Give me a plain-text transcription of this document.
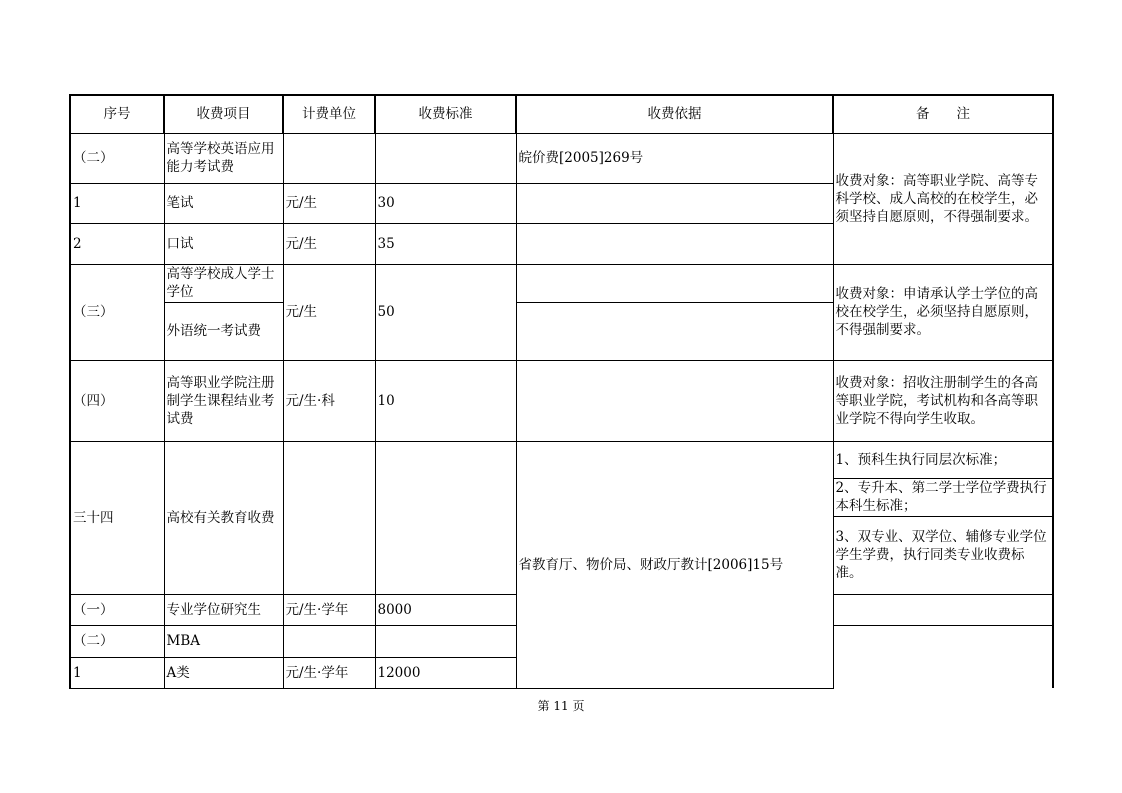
序号	收费项目	计费单位	收费标准	收费依据	备　　注
（二）	高等学校英语应用能力考试费			皖价费[2005]269号	收费对象：高等职业学院、高等专科学校、成人高校的在校学生，必须坚持自愿原则，不得强制要求。
1	笔试	元/生	30		
2	口试	元/生	35		
（三）	高等学校成人学士学位	元/生	50		收费对象：申请承认学士学位的高校在校学生，必须坚持自愿原则，不得强制要求。
	外语统一考试费				
（四）	高等职业学院注册制学生课程结业考试费	元/生·科	10		收费对象：招收注册制学生的各高等职业学院，考试机构和各高等职业学院不得向学生收取。
三十四	高校有关教育收费			省教育厅、物价局、财政厅教计[2006]15号	1、预科生执行同层次标准；
					2、专升本、第二学士学位学费执行本科生标准；
					3、双专业、双学位、辅修专业学位学生学费，执行同类专业收费标准。
（一）	专业学位研究生	元/生·学年	8000		
（二）	MBA				
1	A类	元/生·学年	12000		
第 11 页
